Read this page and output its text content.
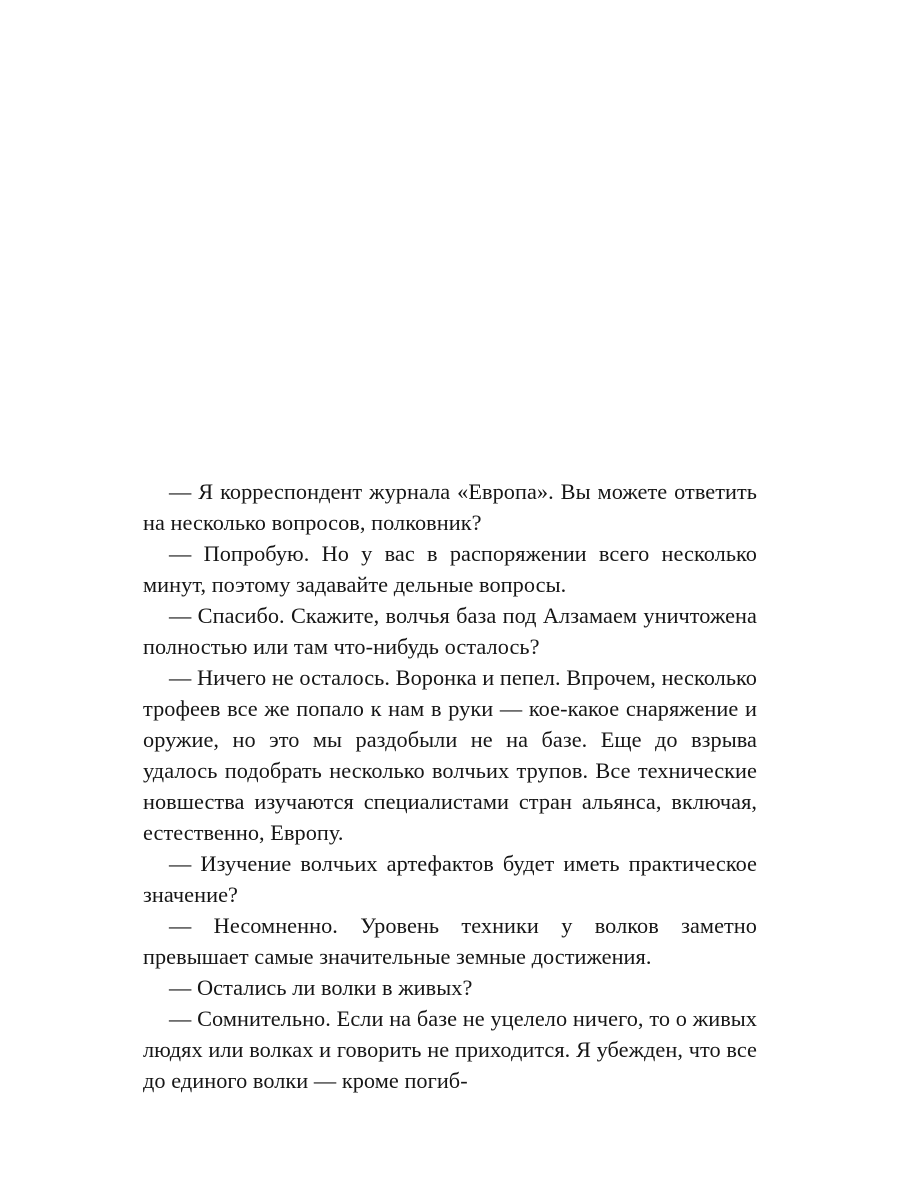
— Я корреспондент журнала «Европа». Вы можете ответить на несколько вопросов, полковник?

— Попробую. Но у вас в распоряжении всего несколько минут, поэтому задавайте дельные вопросы.

— Спасибо. Скажите, волчья база под Алзамаем уничтожена полностью или там что-нибудь осталось?

— Ничего не осталось. Воронка и пепел. Впрочем, несколько трофеев все же попало к нам в руки — кое-какое снаряжение и оружие, но это мы раздобыли не на базе. Еще до взрыва удалось подобрать несколько волчьих трупов. Все технические новшества изучаются специалистами стран альянса, включая, естественно, Европу.

— Изучение волчьих артефактов будет иметь практическое значение?

— Несомненно. Уровень техники у волков заметно превышает самые значительные земные достижения.

— Остались ли волки в живых?

— Сомнительно. Если на базе не уцелело ничего, то о живых людях или волках и говорить не приходится. Я убежден, что все до единого волки — кроме погиб-
